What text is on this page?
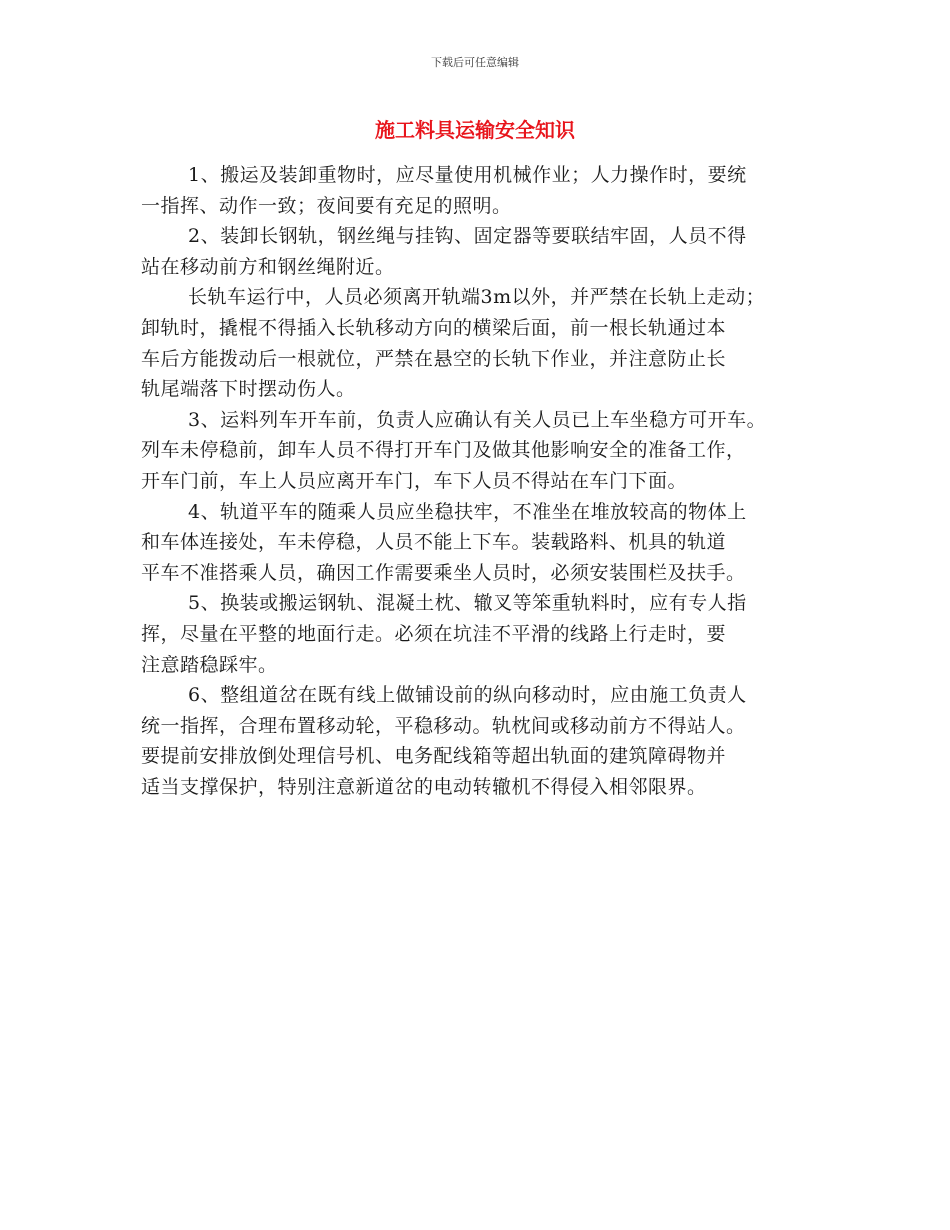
下载后可任意编辑
施工料具运输安全知识
1、搬运及装卸重物时，应尽量使用机械作业；人力操作时，要统
一指挥、动作一致；夜间要有充足的照明。
2、装卸长钢轨，钢丝绳与挂钩、固定器等要联结牢固，人员不得
站在移动前方和钢丝绳附近。
长轨车运行中，人员必须离开轨端3m以外，并严禁在长轨上走动；
卸轨时，撬棍不得插入长轨移动方向的横梁后面，前一根长轨通过本
车后方能拨动后一根就位，严禁在悬空的长轨下作业，并注意防止长
轨尾端落下时摆动伤人。
3、运料列车开车前，负责人应确认有关人员已上车坐稳方可开车。
列车未停稳前，卸车人员不得打开车门及做其他影响安全的准备工作，
开车门前，车上人员应离开车门，车下人员不得站在车门下面。
4、轨道平车的随乘人员应坐稳扶牢，不准坐在堆放较高的物体上
和车体连接处，车未停稳，人员不能上下车。装载路料、机具的轨道
平车不准搭乘人员，确因工作需要乘坐人员时，必须安装围栏及扶手。
5、换装或搬运钢轨、混凝土枕、辙叉等笨重轨料时，应有专人指
挥，尽量在平整的地面行走。必须在坑洼不平滑的线路上行走时，要
注意踏稳踩牢。
6、整组道岔在既有线上做铺设前的纵向移动时，应由施工负责人
统一指挥，合理布置移动轮，平稳移动。轨枕间或移动前方不得站人。
要提前安排放倒处理信号机、电务配线箱等超出轨面的建筑障碍物并
适当支撑保护，特别注意新道岔的电动转辙机不得侵入相邻限界。
